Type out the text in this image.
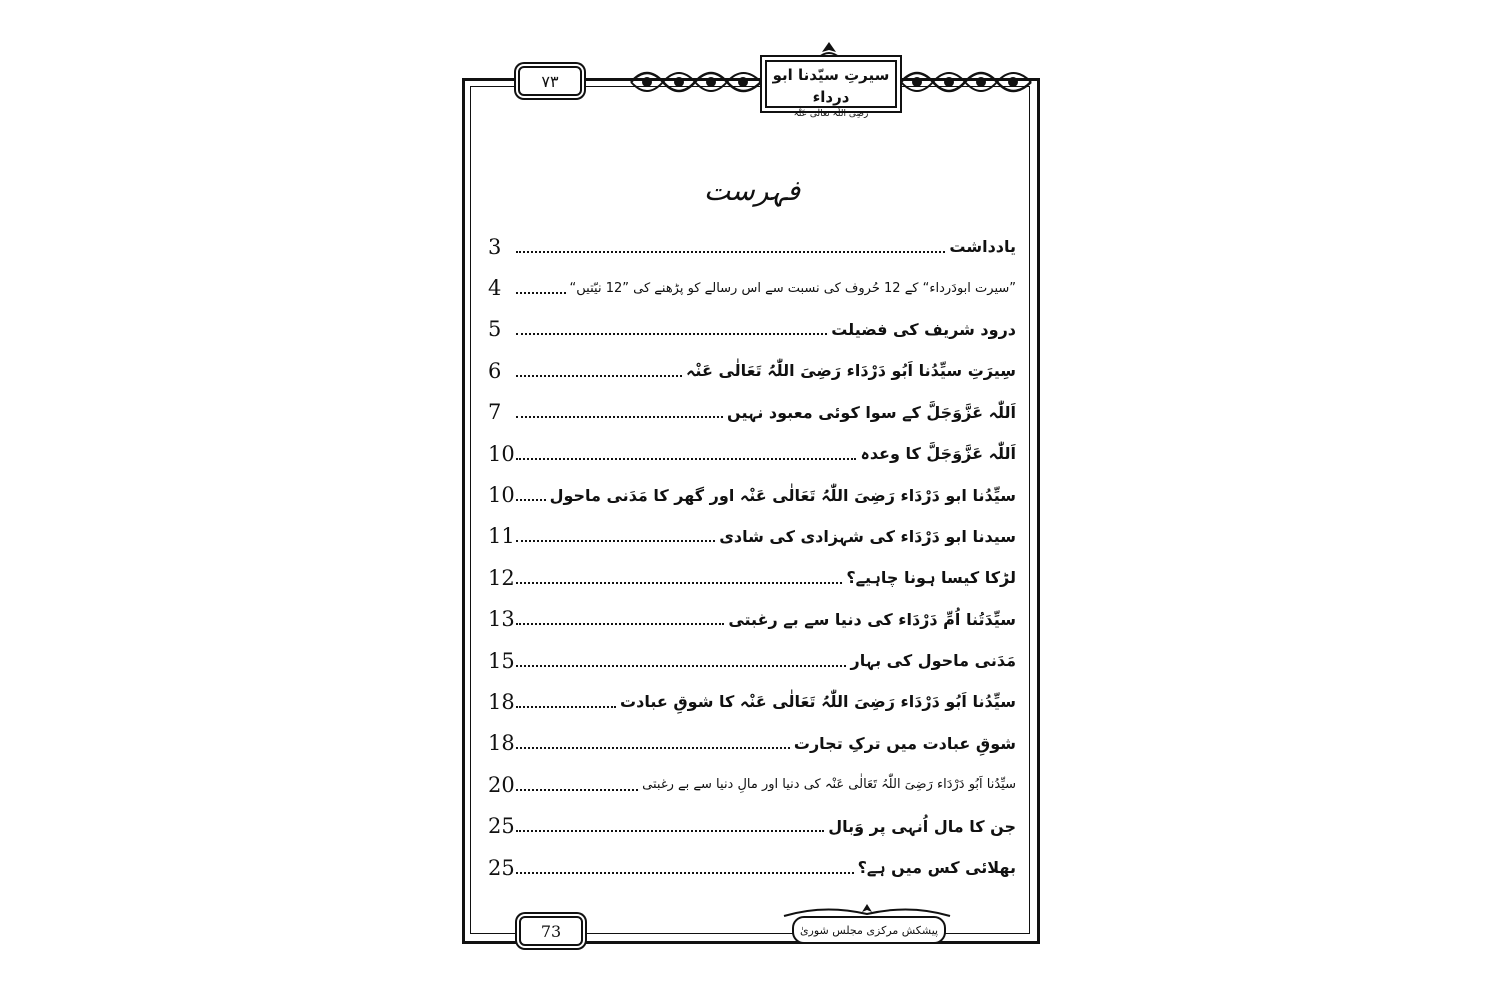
٧٣	سیرتِ سیّدنا ابو درداء
رَضِیَ اللّٰہ تعالٰی عَنْہ
فہرست
یادداشت
3
”سیرت ابودَرداء“ کے 12 حُروف کی نسبت سے اس رسالے کو پڑھنے کی ”12 نیّتیں“
4
درود شریف کی فضیلت
5
سِیرَتِ سیِّدُنا اَبُو دَرْدَاء رَضِیَ اللّٰہُ تَعَالٰی عَنْہ
6
اَللّٰہ عَزَّوَجَلَّ کے سوا کوئی معبود نہیں
7
اَللّٰہ عَزَّوَجَلَّ کا وعدہ
10
سیِّدُنا ابو دَرْدَاء رَضِیَ اللّٰہُ تَعَالٰی عَنْہ اور گھر کا مَدَنی ماحول
10
سیدنا ابو دَرْدَاء کی شہزادی کی شادی
11
لڑکا کیسا ہونا چاہیے؟
12
سیِّدَتُنا اُمِّ دَرْدَاء کی دنیا سے بے رغبتی
13
مَدَنی ماحول کی بہار
15
سیِّدُنا اَبُو دَرْدَاء رَضِیَ اللّٰہُ تَعَالٰی عَنْہ کا شوقِ عبادت
18
شوقِ عبادت میں ترکِ تجارت
18
سیِّدُنا اَبُو دَرْدَاء رَضِیَ اللّٰہُ تَعَالٰی عَنْہ کی دنیا اور مالِ دنیا سے بے رغبتی
20
جن کا مال اُنہی پر وَبال
25
بھلائی کس میں ہے؟
25
73	پیشکش مرکزی مجلس شوریٰ
